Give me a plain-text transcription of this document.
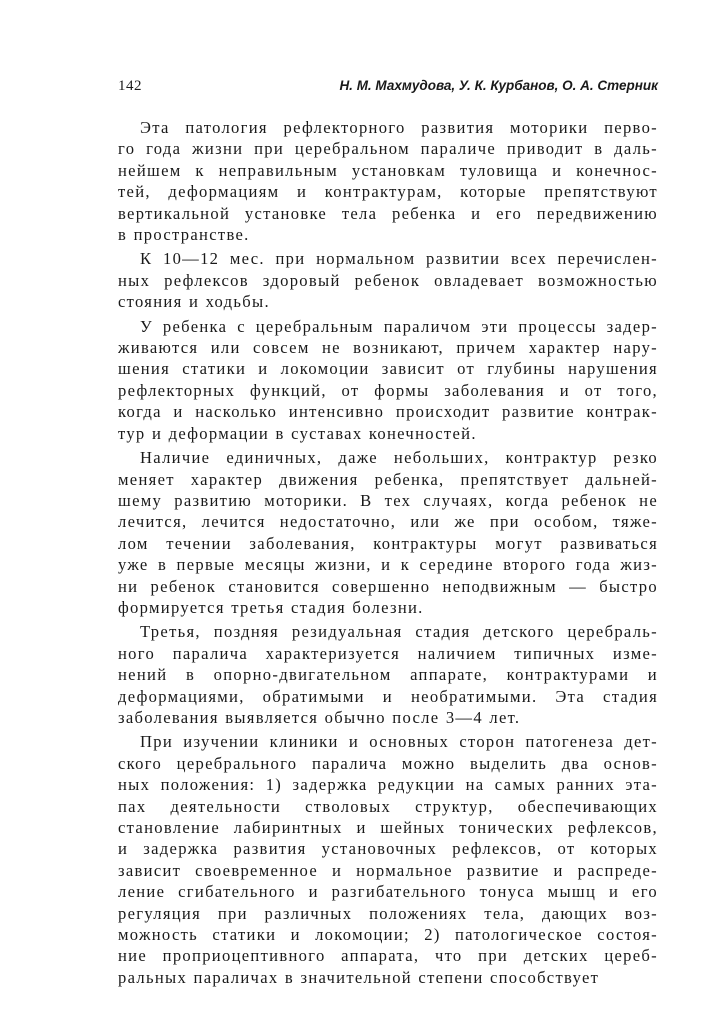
142	Н. М. Махмудова, У. К. Курбанов, О. А. Стерник
Эта патология рефлекторного развития моторики перво-
го года жизни при церебральном параличе приводит в даль-
нейшем к неправильным установкам туловища и конечнос-
тей, деформациям и контрактурам, которые препятствуют
вертикальной установке тела ребенка и его передвижению
в пространстве.
К 10—12 мес. при нормальном развитии всех перечислен-
ных рефлексов здоровый ребенок овладевает возможностью
стояния и ходьбы.
У ребенка с церебральным параличом эти процессы задер-
живаются или совсем не возникают, причем характер нару-
шения статики и локомоции зависит от глубины нарушения
рефлекторных функций, от формы заболевания и от того,
когда и насколько интенсивно происходит развитие контрак-
тур и деформации в суставах конечностей.
Наличие единичных, даже небольших, контрактур резко
меняет характер движения ребенка, препятствует дальней-
шему развитию моторики. В тех случаях, когда ребенок не
лечится, лечится недостаточно, или же при особом, тяже-
лом течении заболевания, контрактуры могут развиваться
уже в первые месяцы жизни, и к середине второго года жиз-
ни ребенок становится совершенно неподвижным — быстро
формируется третья стадия болезни.
Третья, поздняя резидуальная стадия детского церебраль-
ного паралича характеризуется наличием типичных изме-
нений в опорно-двигательном аппарате, контрактурами и
деформациями, обратимыми и необратимыми. Эта стадия
заболевания выявляется обычно после 3—4 лет.
При изучении клиники и основных сторон патогенеза дет-
ского церебрального паралича можно выделить два основ-
ных положения: 1) задержка редукции на самых ранних эта-
пах деятельности стволовых структур, обеспечивающих
становление лабиринтных и шейных тонических рефлексов,
и задержка развития установочных рефлексов, от которых
зависит своевременное и нормальное развитие и распреде-
ление сгибательного и разгибательного тонуса мышц и его
регуляция при различных положениях тела, дающих воз-
можность статики и локомоции; 2) патологическое состоя-
ние проприоцептивного аппарата, что при детских цереб-
ральных параличах в значительной степени способствует
